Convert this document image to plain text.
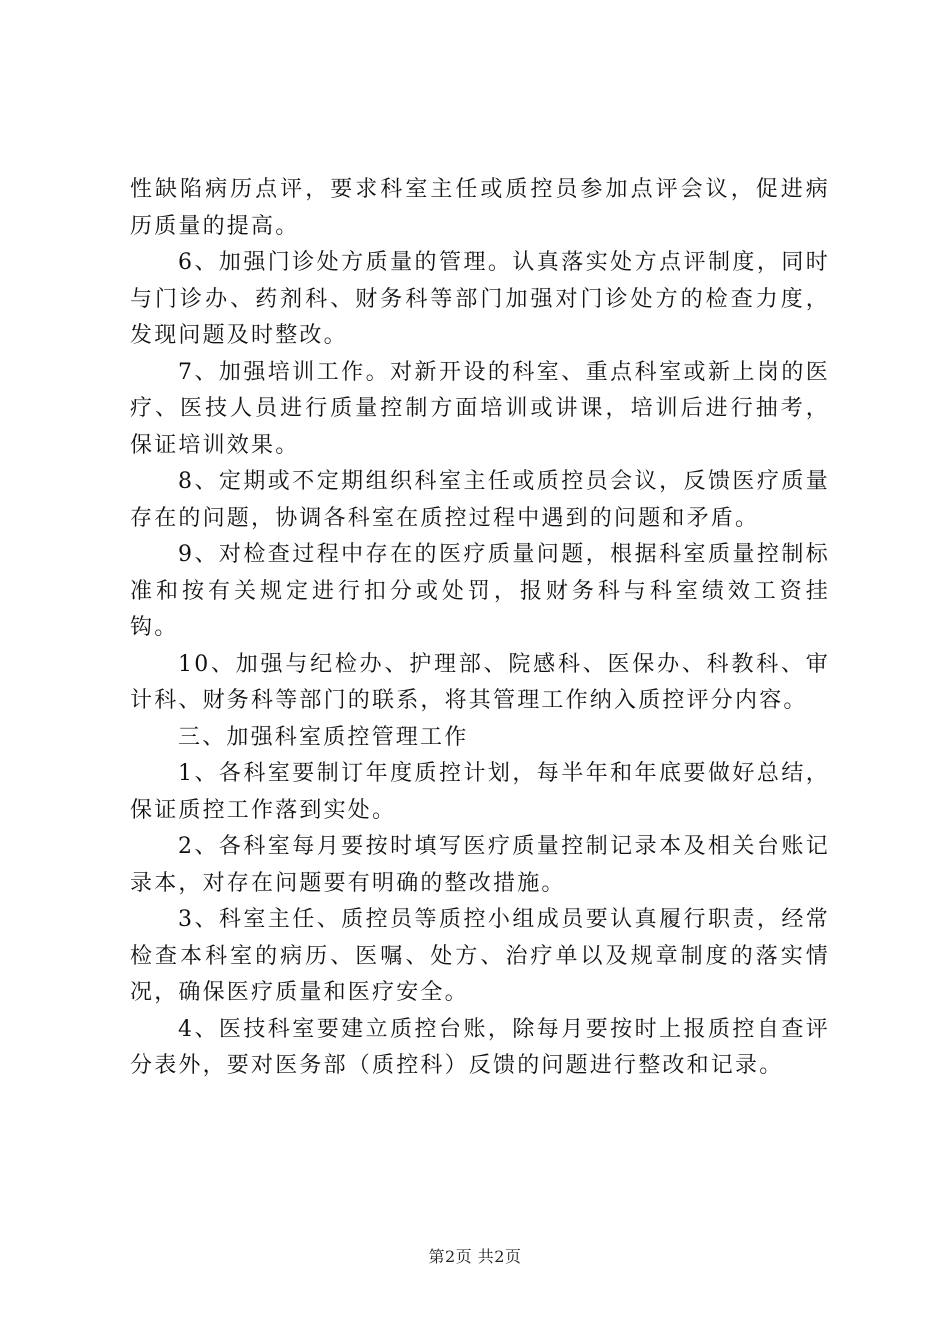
性缺陷病历点评，要求科室主任或质控员参加点评会议，促进病历质量的提高。

6、加强门诊处方质量的管理。认真落实处方点评制度，同时与门诊办、药剂科、财务科等部门加强对门诊处方的检查力度，发现问题及时整改。

7、加强培训工作。对新开设的科室、重点科室或新上岗的医疗、医技人员进行质量控制方面培训或讲课，培训后进行抽考，保证培训效果。

8、定期或不定期组织科室主任或质控员会议，反馈医疗质量存在的问题，协调各科室在质控过程中遇到的问题和矛盾。

9、对检查过程中存在的医疗质量问题，根据科室质量控制标准和按有关规定进行扣分或处罚，报财务科与科室绩效工资挂钩。

10、加强与纪检办、护理部、院感科、医保办、科教科、审计科、财务科等部门的联系，将其管理工作纳入质控评分内容。

三、加强科室质控管理工作

1、各科室要制订年度质控计划，每半年和年底要做好总结，保证质控工作落到实处。

2、各科室每月要按时填写医疗质量控制记录本及相关台账记录本，对存在问题要有明确的整改措施。

3、科室主任、质控员等质控小组成员要认真履行职责，经常检查本科室的病历、医嘱、处方、治疗单以及规章制度的落实情况，确保医疗质量和医疗安全。

4、医技科室要建立质控台账，除每月要按时上报质控自查评分表外，要对医务部（质控科）反馈的问题进行整改和记录。

第2页 共2页
